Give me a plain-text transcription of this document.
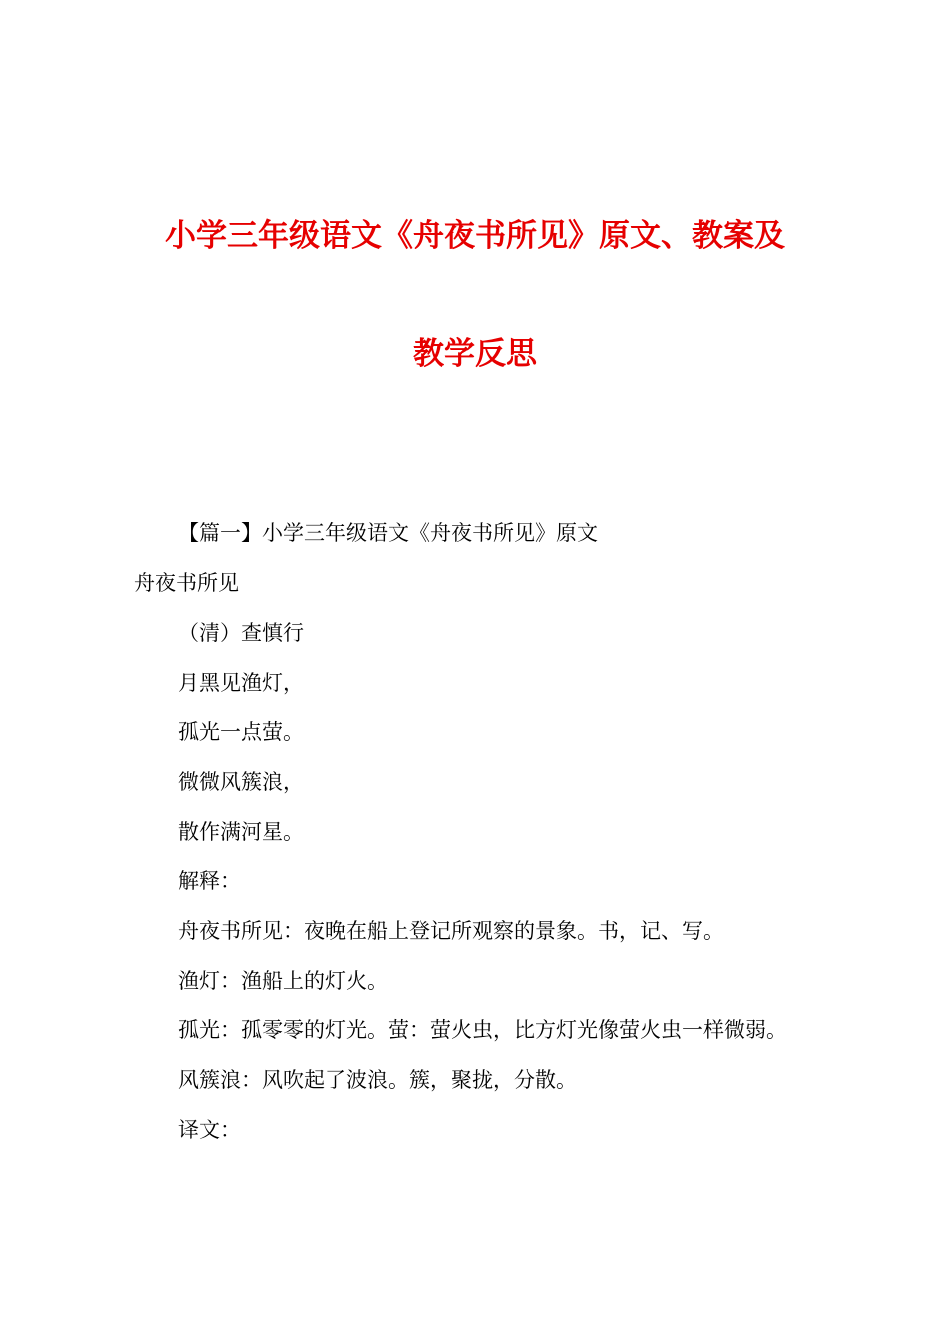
小学三年级语文《舟夜书所见》原文、教案及
教学反思
【篇一】小学三年级语文《舟夜书所见》原文
舟夜书所见
（清）查慎行
月黑见渔灯，
孤光一点萤。
微微风簇浪，
散作满河星。
解释：
舟夜书所见：夜晚在船上登记所观察的景象。书，记、写。
渔灯：渔船上的灯火。
孤光：孤零零的灯光。萤：萤火虫，比方灯光像萤火虫一样微弱。
风簇浪：风吹起了波浪。簇，聚拢，分散。
译文：
